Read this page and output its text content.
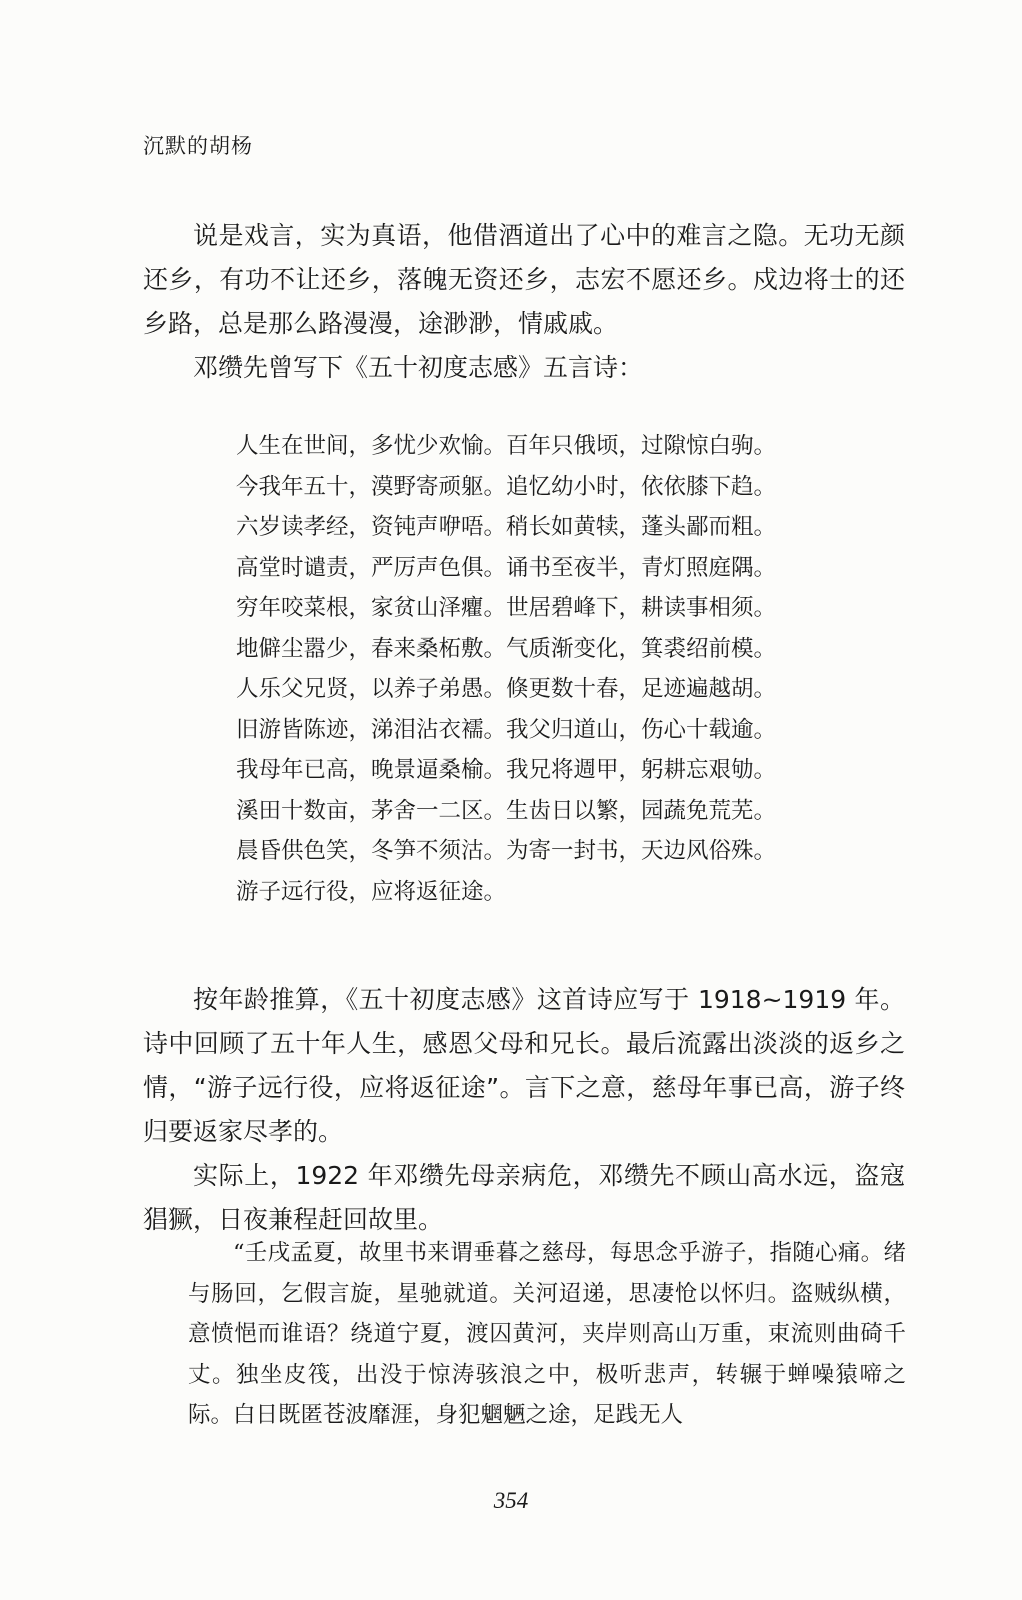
沉默的胡杨

说是戏言，实为真语，他借酒道出了心中的难言之隐。无功无颜还乡，有功不让还乡，落魄无资还乡，志宏不愿还乡。戍边将士的还乡路，总是那么路漫漫，途渺渺，情戚戚。

邓缵先曾写下《五十初度志感》五言诗：

人生在世间，多忧少欢愉。百年只俄顷，过隙惊白驹。
今我年五十，漠野寄顽躯。追忆幼小时，依依膝下趋。
六岁读孝经，资钝声咿唔。稍长如黄犊，蓬头鄙而粗。
高堂时谴责，严厉声色俱。诵书至夜半，青灯照庭隅。
穷年咬菜根，家贫山泽癯。世居碧峰下，耕读事相须。
地僻尘嚣少，春来桑柘敷。气质渐变化，箕裘绍前模。
人乐父兄贤，以养子弟愚。倏更数十春，足迹遍越胡。
旧游皆陈迹，涕泪沾衣襦。我父归道山，伤心十载逾。
我母年已高，晚景逼桑榆。我兄将週甲，躬耕忘艰劬。
溪田十数亩，茅舍一二区。生齿日以繁，园蔬免荒芜。
晨昏供色笑，冬笋不须沽。为寄一封书，天边风俗殊。
游子远行役，应将返征途。

按年龄推算，《五十初度志感》这首诗应写于 1918~1919 年。诗中回顾了五十年人生，感恩父母和兄长。最后流露出淡淡的返乡之情，“游子远行役，应将返征途”。言下之意，慈母年事已高，游子终归要返家尽孝的。

实际上，1922 年邓缵先母亲病危，邓缵先不顾山高水远，盗寇猖獗，日夜兼程赶回故里。

“壬戌孟夏，故里书来谓垂暮之慈母，每思念乎游子，指随心痛。绪与肠回，乞假言旋，星驰就道。关河迢递，思凄怆以怀归。盗贼纵横，意愤悒而谁语？绕道宁夏，渡囚黄河，夹岸则高山万重，束流则曲碕千丈。独坐皮筏，出没于惊涛骇浪之中，极听悲声，转辗于蝉噪猿啼之际。白日既匿苍波靡涯，身犯魍魉之途，足践无人

354
